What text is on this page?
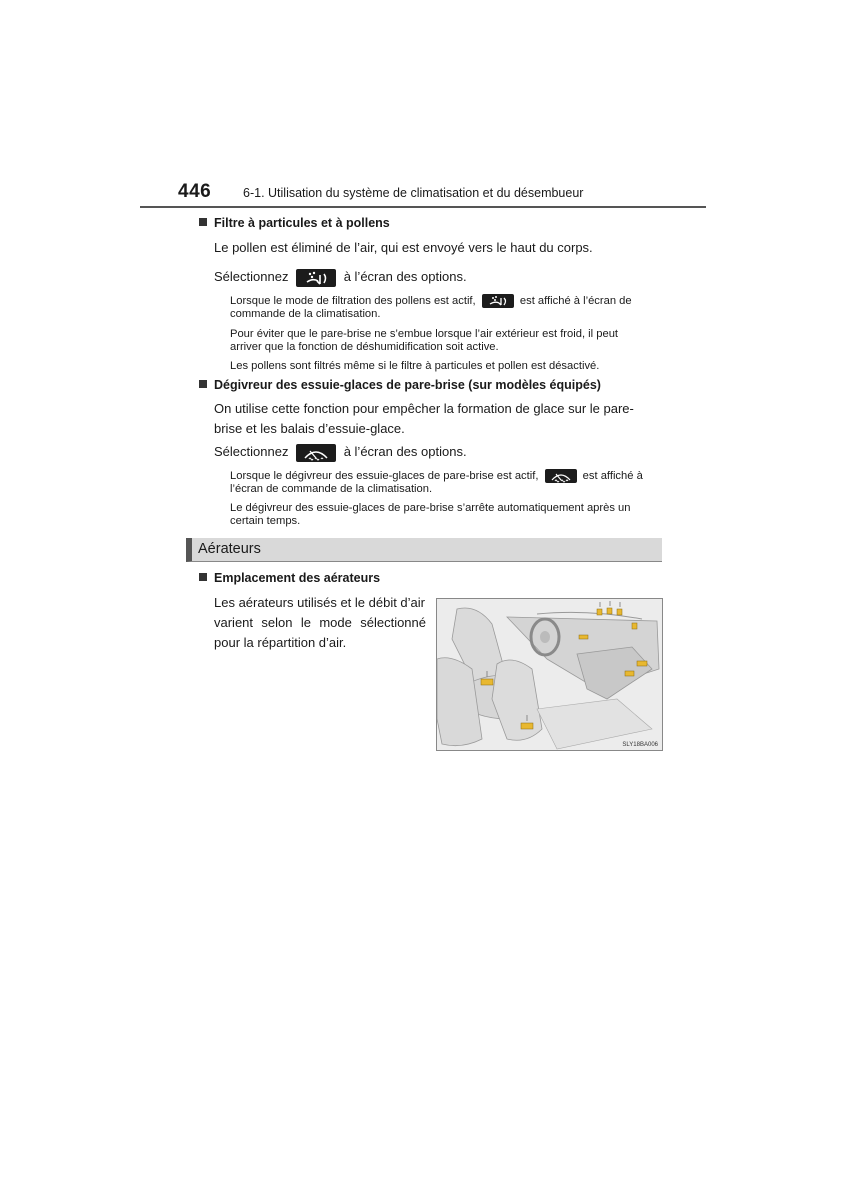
446	6-1. Utilisation du système de climatisation et du désembueur
Filtre à particules et à pollens
Le pollen est éliminé de l’air, qui est envoyé vers le haut du corps.
Sélectionnez	à l’écran des options.
Lorsque le mode de filtration des pollens est actif,	est affiché à l’écran de
commande de la climatisation.
Pour éviter que le pare-brise ne s’embue lorsque l’air extérieur est froid, il peut
arriver que la fonction de déshumidification soit active.
Les pollens sont filtrés même si le filtre à particules et pollen est désactivé.
Dégivreur des essuie-glaces de pare-brise (sur modèles équipés)
On utilise cette fonction pour empêcher la formation de glace sur le pare-
brise et les balais d’essuie-glace.
Sélectionnez	à l’écran des options.
Lorsque le dégivreur des essuie-glaces de pare-brise est actif,	est affiché à
l’écran de commande de la climatisation.
Le dégivreur des essuie-glaces de pare-brise s’arrête automatiquement après un
certain temps.
Aérateurs
Emplacement des aérateurs
Les aérateurs utilisés et le débit d’air
varient selon le mode sélectionné
pour la répartition d’air.
SLY18BA006
